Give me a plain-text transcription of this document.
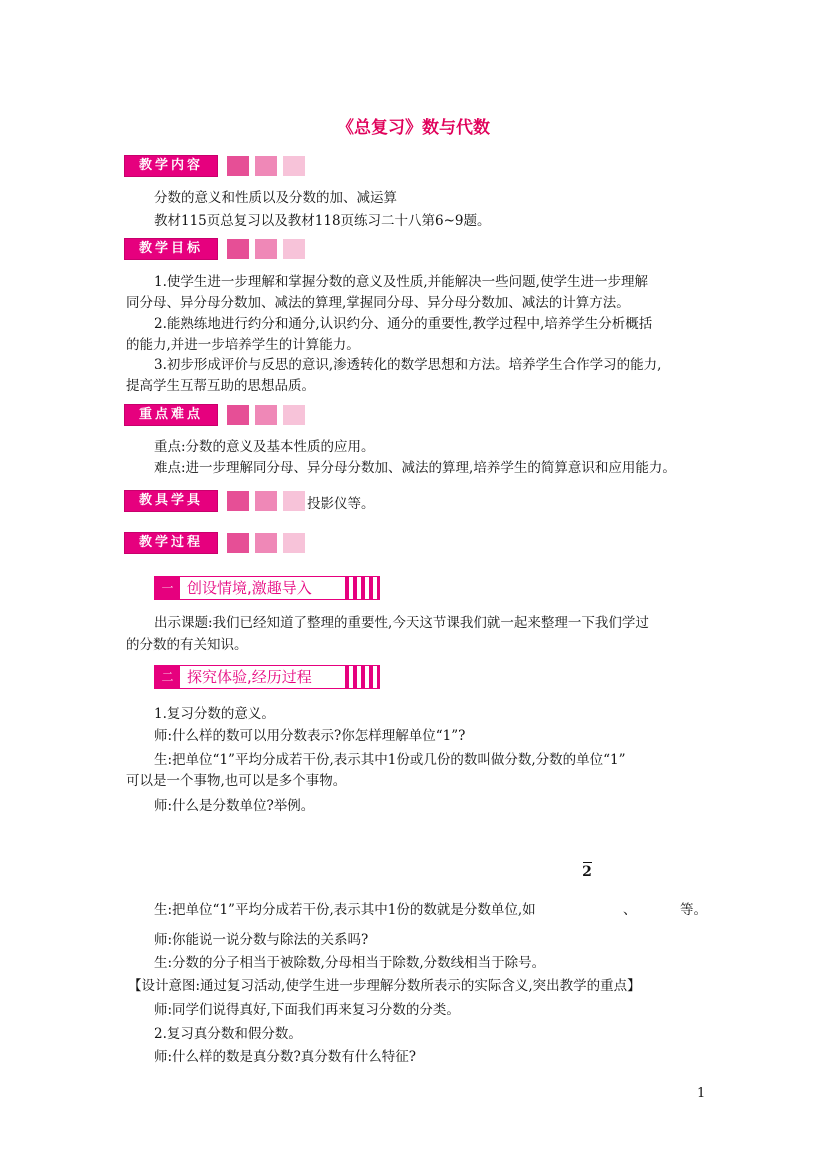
《总复习》数与代数
教学内容
分数的意义和性质以及分数的加、减运算
教材115页总复习以及教材118页练习二十八第6~9题。
教学目标
1.使学生进一步理解和掌握分数的意义及性质,并能解决一些问题,使学生进一步理解
同分母、异分母分数加、减法的算理,掌握同分母、异分母分数加、减法的计算方法。
2.能熟练地进行约分和通分,认识约分、通分的重要性,教学过程中,培养学生分析概括
的能力,并进一步培养学生的计算能力。
3.初步形成评价与反思的意识,渗透转化的数学思想和方法。培养学生合作学习的能力,
提高学生互帮互助的思想品质。
重点难点
重点:分数的意义及基本性质的应用。
难点:进一步理解同分母、异分母分数加、减法的算理,培养学生的简算意识和应用能力。
教具学具	投影仪等。
教学过程
一 创设情境,激趣导入
出示课题:我们已经知道了整理的重要性,今天这节课我们就一起来整理一下我们学过
的分数的有关知识。
二 探究体验,经历过程
1.复习分数的意义。
师:什么样的数可以用分数表示?你怎样理解单位“1”?
生:把单位“1”平均分成若干份,表示其中1份或几份的数叫做分数,分数的单位“1”
可以是一个事物,也可以是多个事物。
师:什么是分数单位?举例。
2
生:把单位“1”平均分成若干份,表示其中1份的数就是分数单位,如	、	等。
师:你能说一说分数与除法的关系吗?
生:分数的分子相当于被除数,分母相当于除数,分数线相当于除号。
【设计意图:通过复习活动,使学生进一步理解分数所表示的实际含义,突出教学的重点】
师:同学们说得真好,下面我们再来复习分数的分类。
2.复习真分数和假分数。
师:什么样的数是真分数?真分数有什么特征?
1
